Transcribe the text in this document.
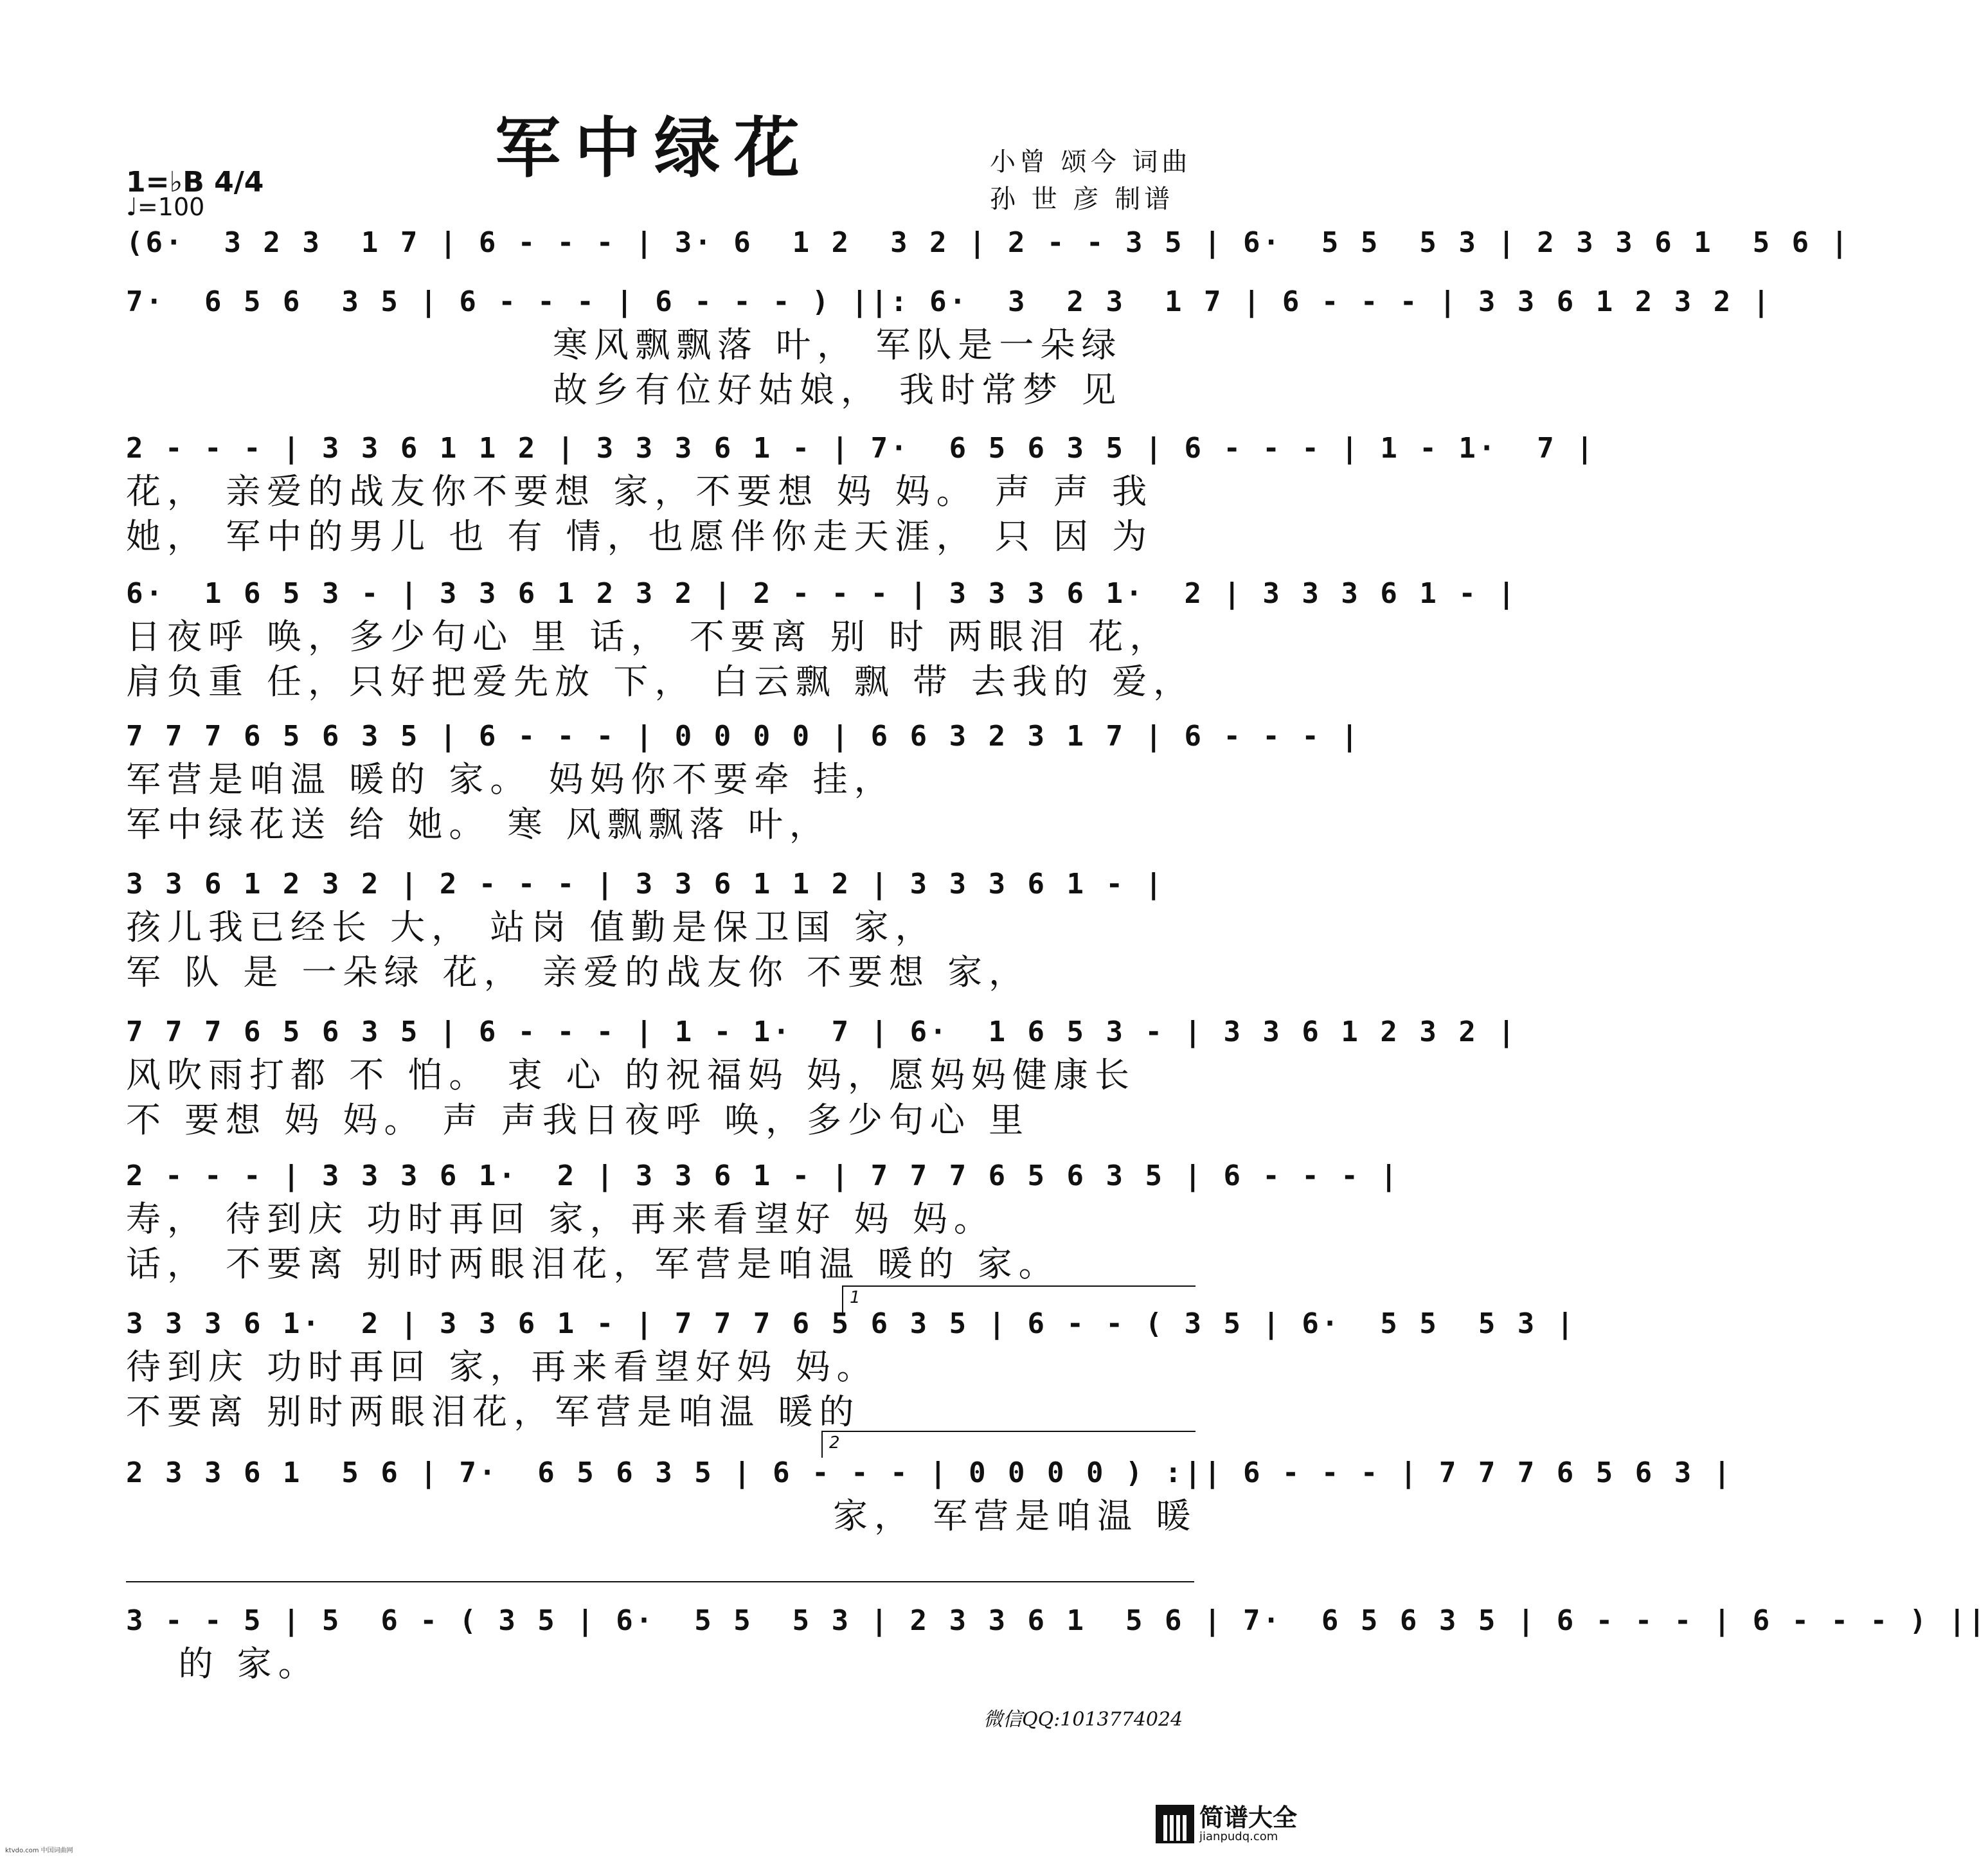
军中绿花	小曾 颂今 词曲
孙 世 彦 制谱
1=♭B 4/4
♩=100
(6·  3 2 3  1 7 | 6 - - - | 3· 6  1 2  3 2 | 2 - - 3 5 | 6·  5 5  5 3 | 2 3 3 6 1  5 6 |
7·  6 5 6  3 5 | 6 - - - | 6 - - - ) ||: 6·  3  2 3  1 7 | 6 - - - | 3 3 6 1 2 3 2 |
寒风飘飘落 叶， 军队是一朵绿
故乡有位好姑娘， 我时常梦 见
2 - - - | 3 3 6 1 1 2 | 3 3 3 6 1 - | 7·  6 5 6 3 5 | 6 - - - | 1 - 1·  7 |
花， 亲爱的战友你不要想 家，不要想 妈 妈。 声 声 我
她， 军中的男儿 也 有 情，也愿伴你走天涯， 只 因 为
6·  1 6 5 3 - | 3 3 6 1 2 3 2 | 2 - - - | 3 3 3 6 1·  2 | 3 3 3 6 1 - |
日夜呼 唤，多少句心 里 话， 不要离 别 时 两眼泪 花，
肩负重 任，只好把爱先放 下， 白云飘 飘 带 去我的 爱，
7 7 7 6 5 6 3 5 | 6 - - - | 0 0 0 0 | 6 6 3 2 3 1 7 | 6 - - - |
军营是咱温 暖的 家。 妈妈你不要牵 挂，
军中绿花送 给 她。 寒 风飘飘落 叶，
3 3 6 1 2 3 2 | 2 - - - | 3 3 6 1 1 2 | 3 3 3 6 1 - |
孩儿我已经长 大， 站岗 值勤是保卫国 家，
军 队 是 一朵绿 花， 亲爱的战友你 不要想 家，
7 7 7 6 5 6 3 5 | 6 - - - | 1 - 1·  7 | 6·  1 6 5 3 - | 3 3 6 1 2 3 2 |
风吹雨打都 不 怕。 衷 心 的祝福妈 妈，愿妈妈健康长
不 要想 妈 妈。 声 声我日夜呼 唤，多少句心 里
2 - - - | 3 3 3 6 1·  2 | 3 3 6 1 - | 7 7 7 6 5 6 3 5 | 6 - - - |
寿， 待到庆 功时再回 家，再来看望好 妈 妈。
话， 不要离 别时两眼泪花，军营是咱温 暖的 家。
1
3 3 3 6 1·  2 | 3 3 6 1 - | 7 7 7 6 5 6 3 5 | 6 - - ( 3 5 | 6·  5 5  5 3 |
待到庆 功时再回 家，再来看望好妈 妈。
不要离 别时两眼泪花，军营是咱温 暖的
2
2 3 3 6 1  5 6 | 7·  6 5 6 3 5 | 6 - - - | 0 0 0 0 ) :|| 6 - - - | 7 7 7 6 5 6 3 |
家， 军营是咱温 暖
3 - - 5 | 5  6 - ( 3 5 | 6·  5 5  5 3 | 2 3 3 6 1  5 6 | 7·  6 5 6 3 5 | 6 - - - | 6 - - - ) ||
的 家。
微信QQ:1013774024
简谱大全
jianpudq.com
ktvdo.com 中国词曲网
